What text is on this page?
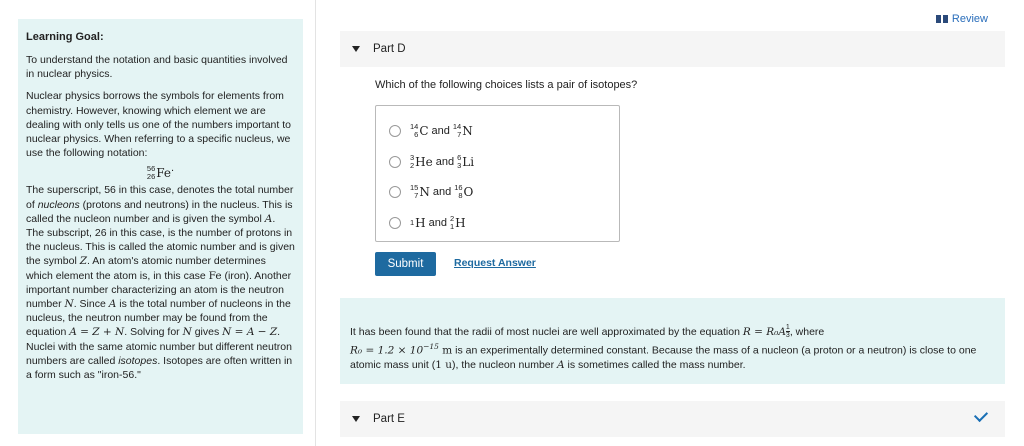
Learning Goal:

To understand the notation and basic quantities involved in nuclear physics.

Nuclear physics borrows the symbols for elements from chemistry. However, knowing which element we are dealing with only tells us one of the numbers important to nuclear physics. When referring to a specific nucleus, we use the following notation:

56
26 Fe .

The superscript, 56 in this case, denotes the total number of nucleons (protons and neutrons) in the nucleus. This is called the nucleon number and is given the symbol A. The subscript, 26 in this case, is the number of protons in the nucleus. This is called the atomic number and is given the symbol Z. An atom's atomic number determines which element the atom is, in this case Fe (iron). Another important number characterizing an atom is the neutron number N. Since A is the total number of nucleons in the nucleus, the neutron number may be found from the equation A = Z + N. Solving for N gives N = A − Z. Nuclei with the same atomic number but different neutron numbers are called isotopes. Isotopes are often written in a form such as "iron-56."

Review
Part D
Which of the following choices lists a pair of isotopes?
14
6 C and 14
7 N
3
2 He and 6
3 Li
15
7 N and 16
8 O
1 H and 2
1 H
Submit	Request Answer
It has been found that the radii of most nuclei are well approximated by the equation $R = R_0A \frac{1}{3}$ , where
$R_0 = 1.2 \times 10^{-15}$ m is an experimentally determined constant. Because the mass of a nucleon (a proton or a neutron) is close to one atomic mass unit (1 u), the nucleon number A is sometimes called the mass number.
Part E
